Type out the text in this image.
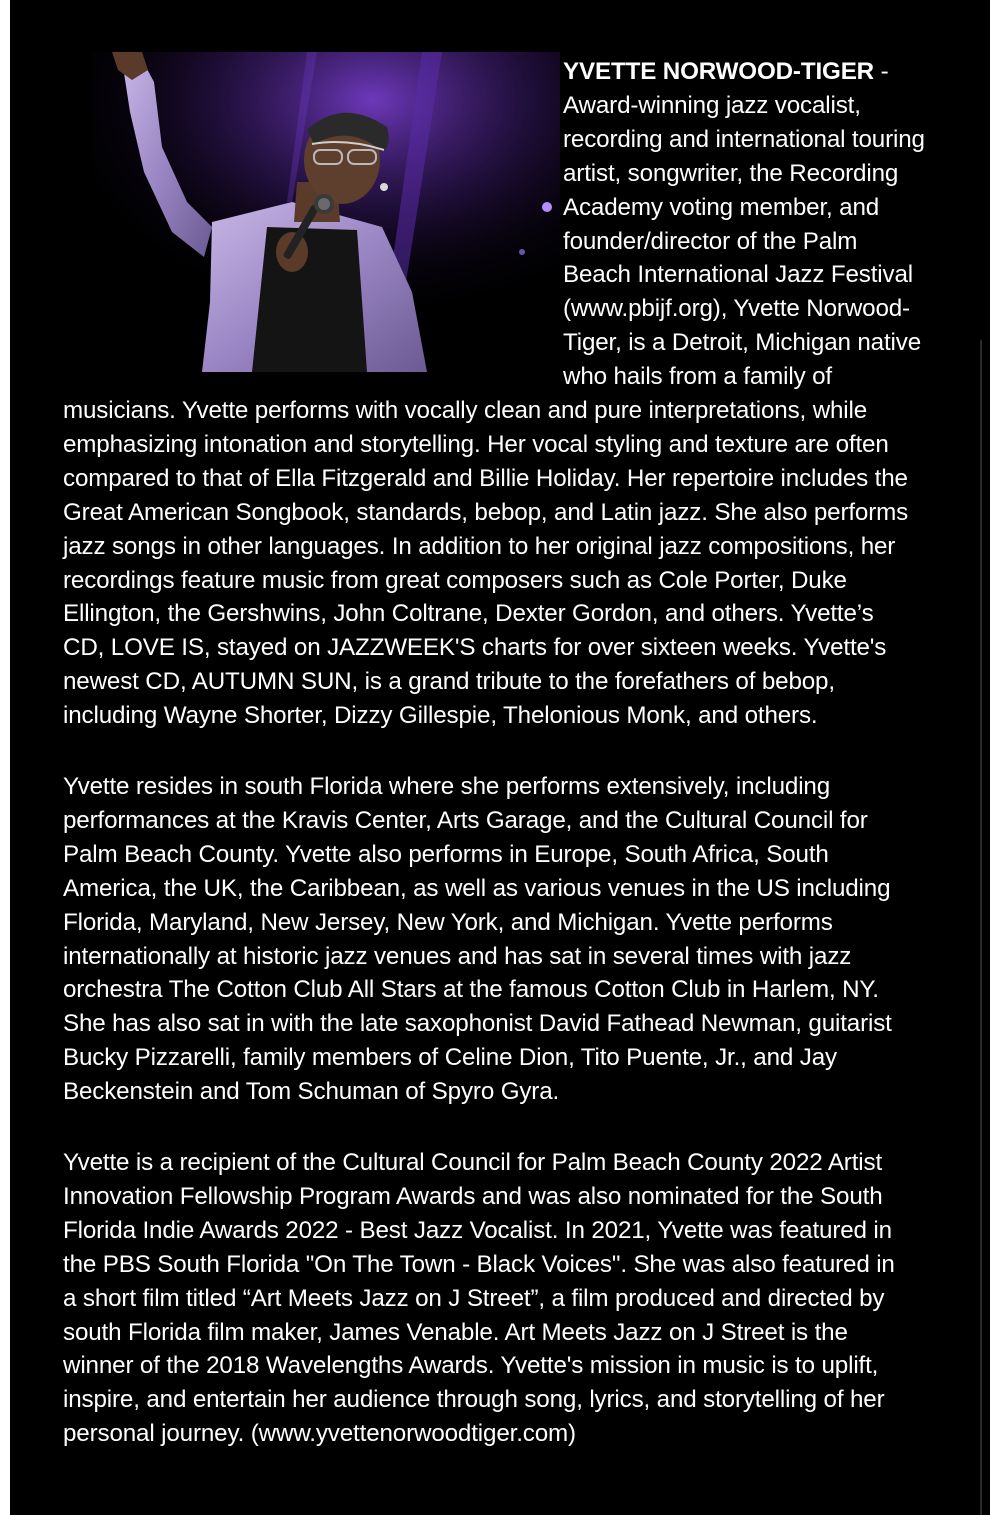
YVETTE NORWOOD-TIGER -
Award-winning jazz vocalist,
recording and international touring
artist, songwriter, the Recording
Academy voting member, and
founder/director of the Palm
Beach International Jazz Festival
(www.pbijf.org), Yvette Norwood-
Tiger, is a Detroit, Michigan native
who hails from a family of
musicians. Yvette performs with vocally clean and pure interpretations, while
emphasizing intonation and storytelling. Her vocal styling and texture are often
compared to that of Ella Fitzgerald and Billie Holiday. Her repertoire includes the
Great American Songbook, standards, bebop, and Latin jazz. She also performs
jazz songs in other languages. In addition to her original jazz compositions, her
recordings feature music from great composers such as Cole Porter, Duke
Ellington, the Gershwins, John Coltrane, Dexter Gordon, and others. Yvette’s
CD, LOVE IS, stayed on JAZZWEEK'S charts for over sixteen weeks. Yvette's
newest CD, AUTUMN SUN, is a grand tribute to the forefathers of bebop,
including Wayne Shorter, Dizzy Gillespie, Thelonious Monk, and others.
Yvette resides in south Florida where she performs extensively, including
performances at the Kravis Center, Arts Garage, and the Cultural Council for
Palm Beach County. Yvette also performs in Europe, South Africa, South
America, the UK, the Caribbean, as well as various venues in the US including
Florida, Maryland, New Jersey, New York, and Michigan. Yvette performs
internationally at historic jazz venues and has sat in several times with jazz
orchestra The Cotton Club All Stars at the famous Cotton Club in Harlem, NY.
She has also sat in with the late saxophonist David Fathead Newman, guitarist
Bucky Pizzarelli, family members of Celine Dion, Tito Puente, Jr., and Jay
Beckenstein and Tom Schuman of Spyro Gyra.
Yvette is a recipient of the Cultural Council for Palm Beach County 2022 Artist
Innovation Fellowship Program Awards and was also nominated for the South
Florida Indie Awards 2022 - Best Jazz Vocalist. In 2021, Yvette was featured in
the PBS South Florida "On The Town - Black Voices". She was also featured in
a short film titled “Art Meets Jazz on J Street”, a film produced and directed by
south Florida film maker, James Venable. Art Meets Jazz on J Street is the
winner of the 2018 Wavelengths Awards. Yvette's mission in music is to uplift,
inspire, and entertain her audience through song, lyrics, and storytelling of her
personal journey. (www.yvettenorwoodtiger.com)
